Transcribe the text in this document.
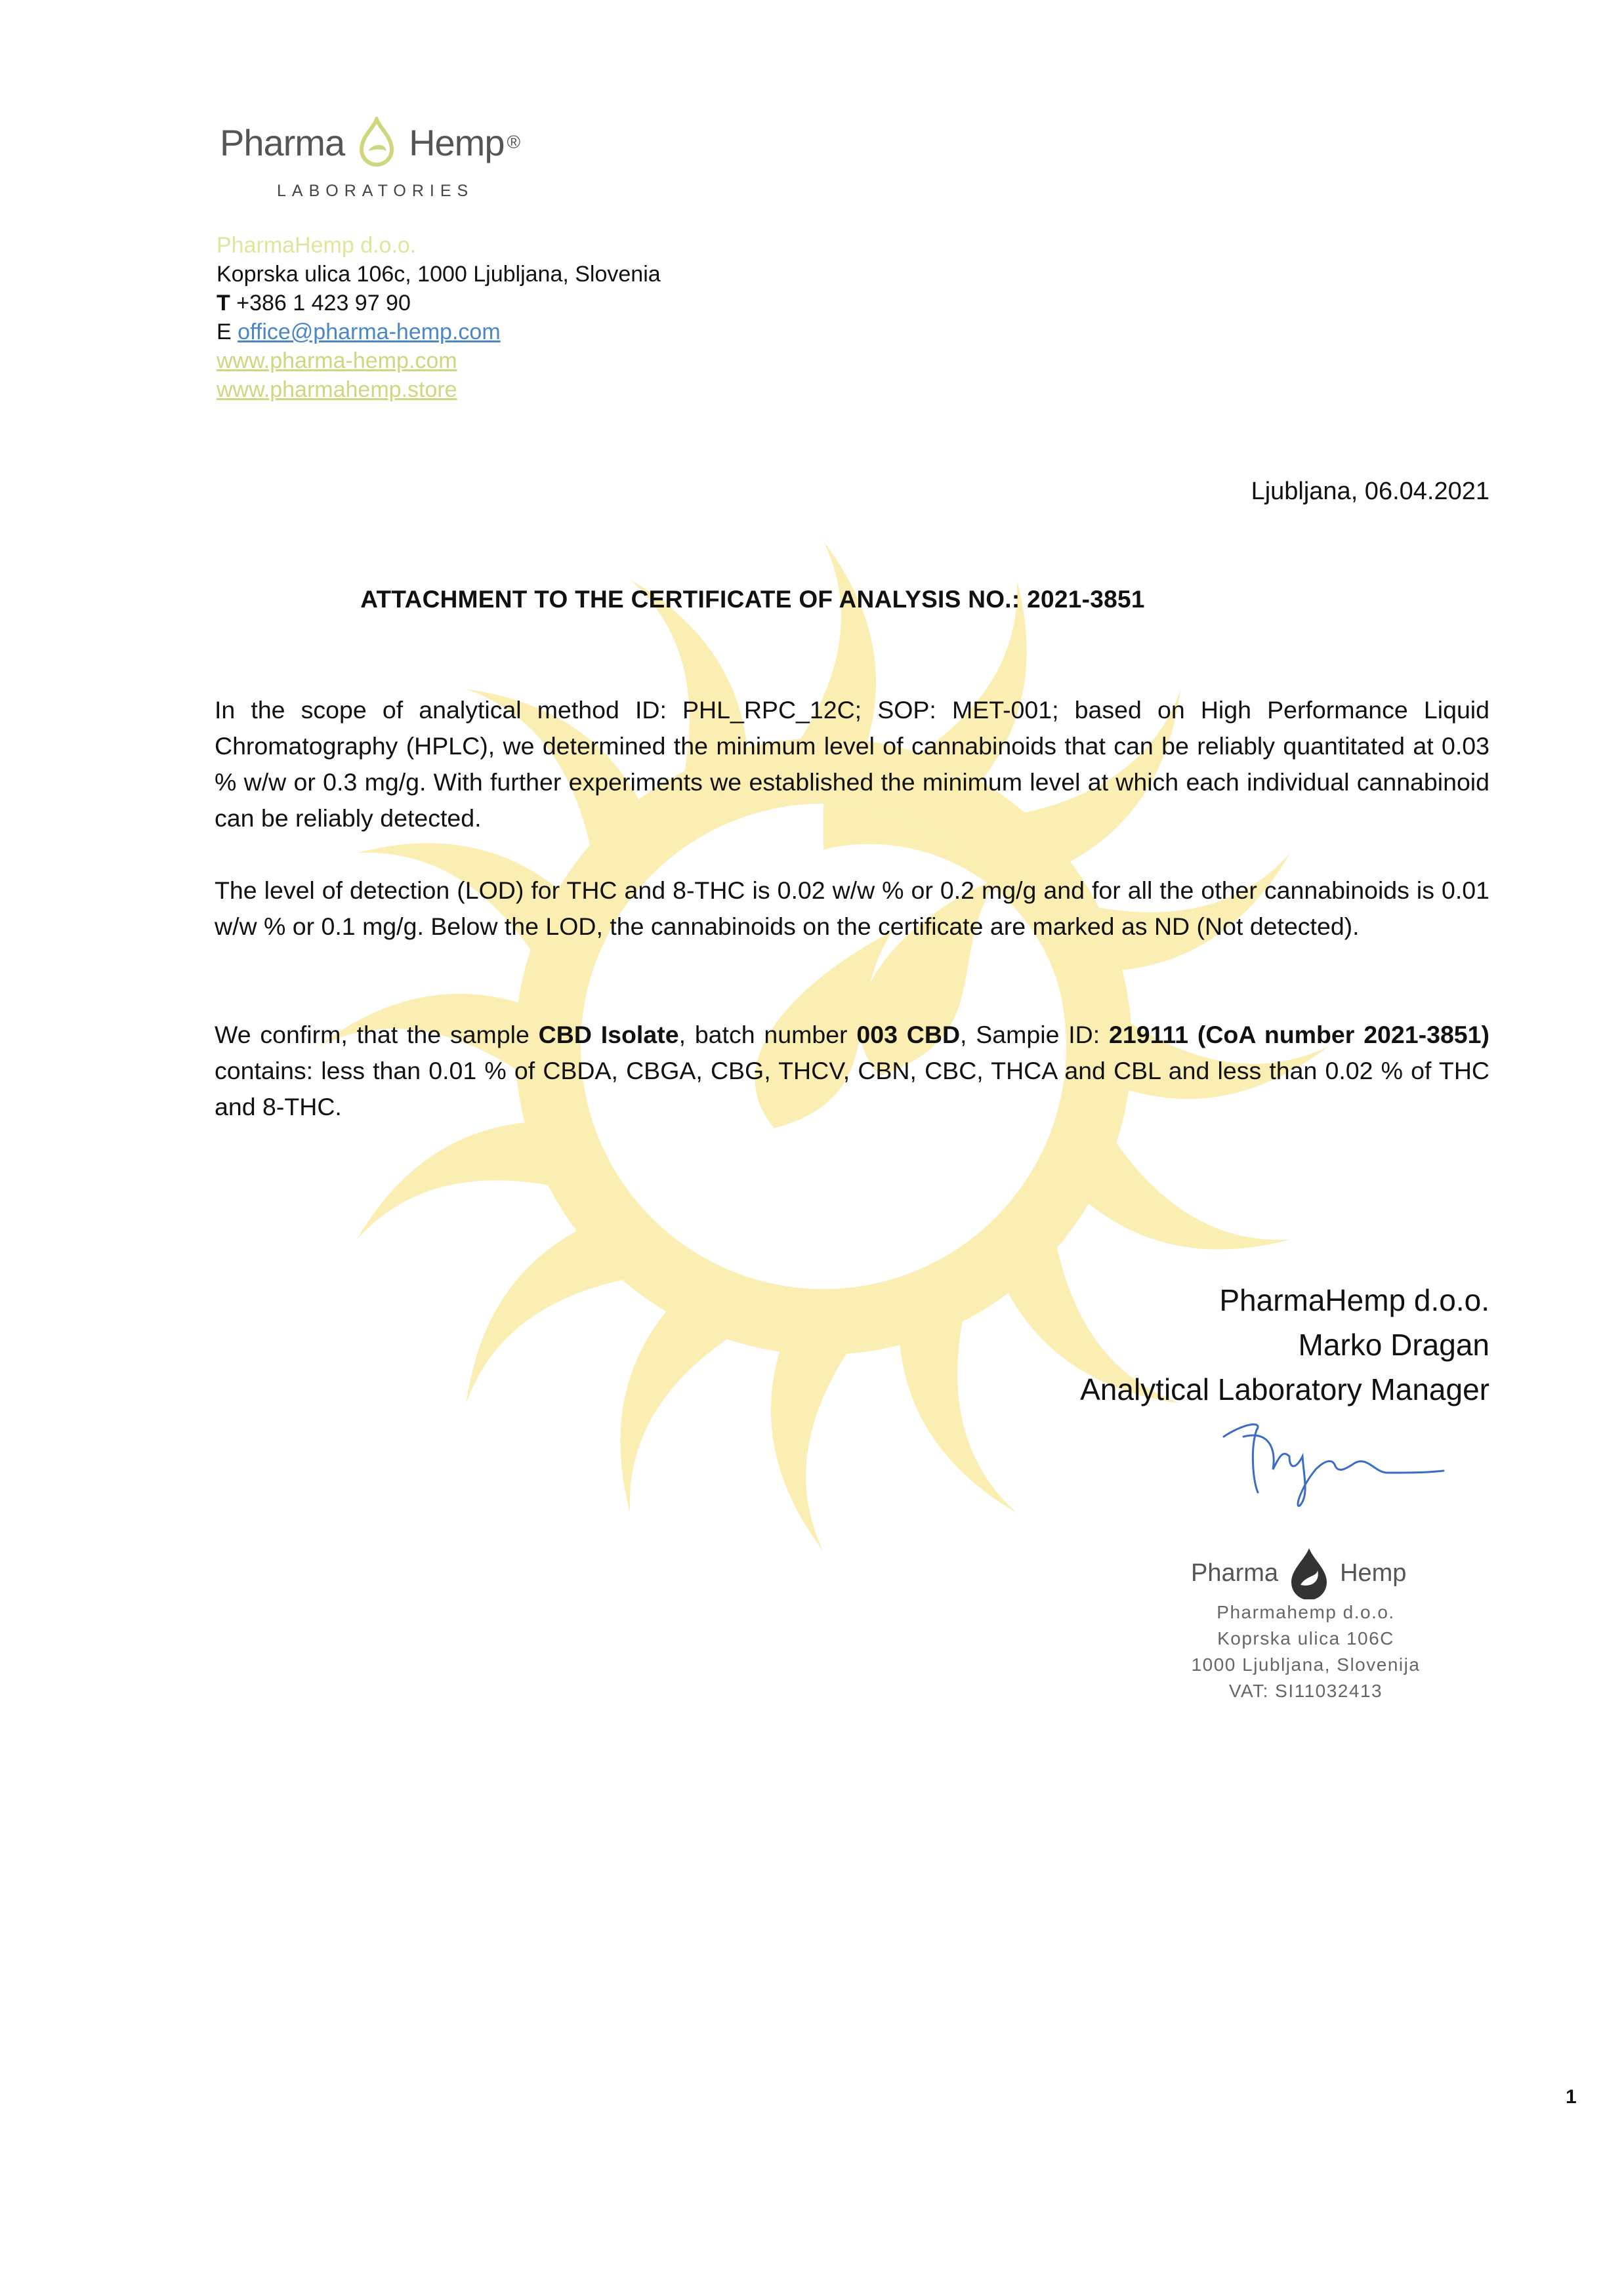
Pharma Hemp ®
LABORATORIES
PharmaHemp d.o.o.
Koprska ulica 106c, 1000 Ljubljana, Slovenia
T +386 1 423 97 90
E office@pharma-hemp.com
www.pharma-hemp.com
www.pharmahemp.store
Ljubljana, 06.04.2021
ATTACHMENT TO THE CERTIFICATE OF ANALYSIS NO.: 2021-3851
In the scope of analytical method ID: PHL_RPC_12C; SOP: MET-001; based on High Performance Liquid Chromatography (HPLC), we determined the minimum level of cannabinoids that can be reliably quantitated at 0.03 % w/w or 0.3 mg/g. With further experiments we established the minimum level at which each individual cannabinoid can be reliably detected.
The level of detection (LOD) for THC and 8-THC is 0.02 w/w % or 0.2 mg/g and for all the other cannabinoids is 0.01 w/w % or 0.1 mg/g. Below the LOD, the cannabinoids on the certificate are marked as ND (Not detected).
We confirm, that the sample CBD Isolate, batch number 003 CBD, Sampie ID: 219111 (CoA number 2021-3851) contains: less than 0.01 % of CBDA, CBGA, CBG, THCV, CBN, CBC, THCA and CBL and less than 0.02 % of THC and 8-THC.
PharmaHemp d.o.o.
Marko Dragan
Analytical Laboratory Manager
Pharma Hemp
Pharmahemp d.o.o.
Koprska ulica 106C
1000 Ljubljana, Slovenija
VAT: SI11032413
1
